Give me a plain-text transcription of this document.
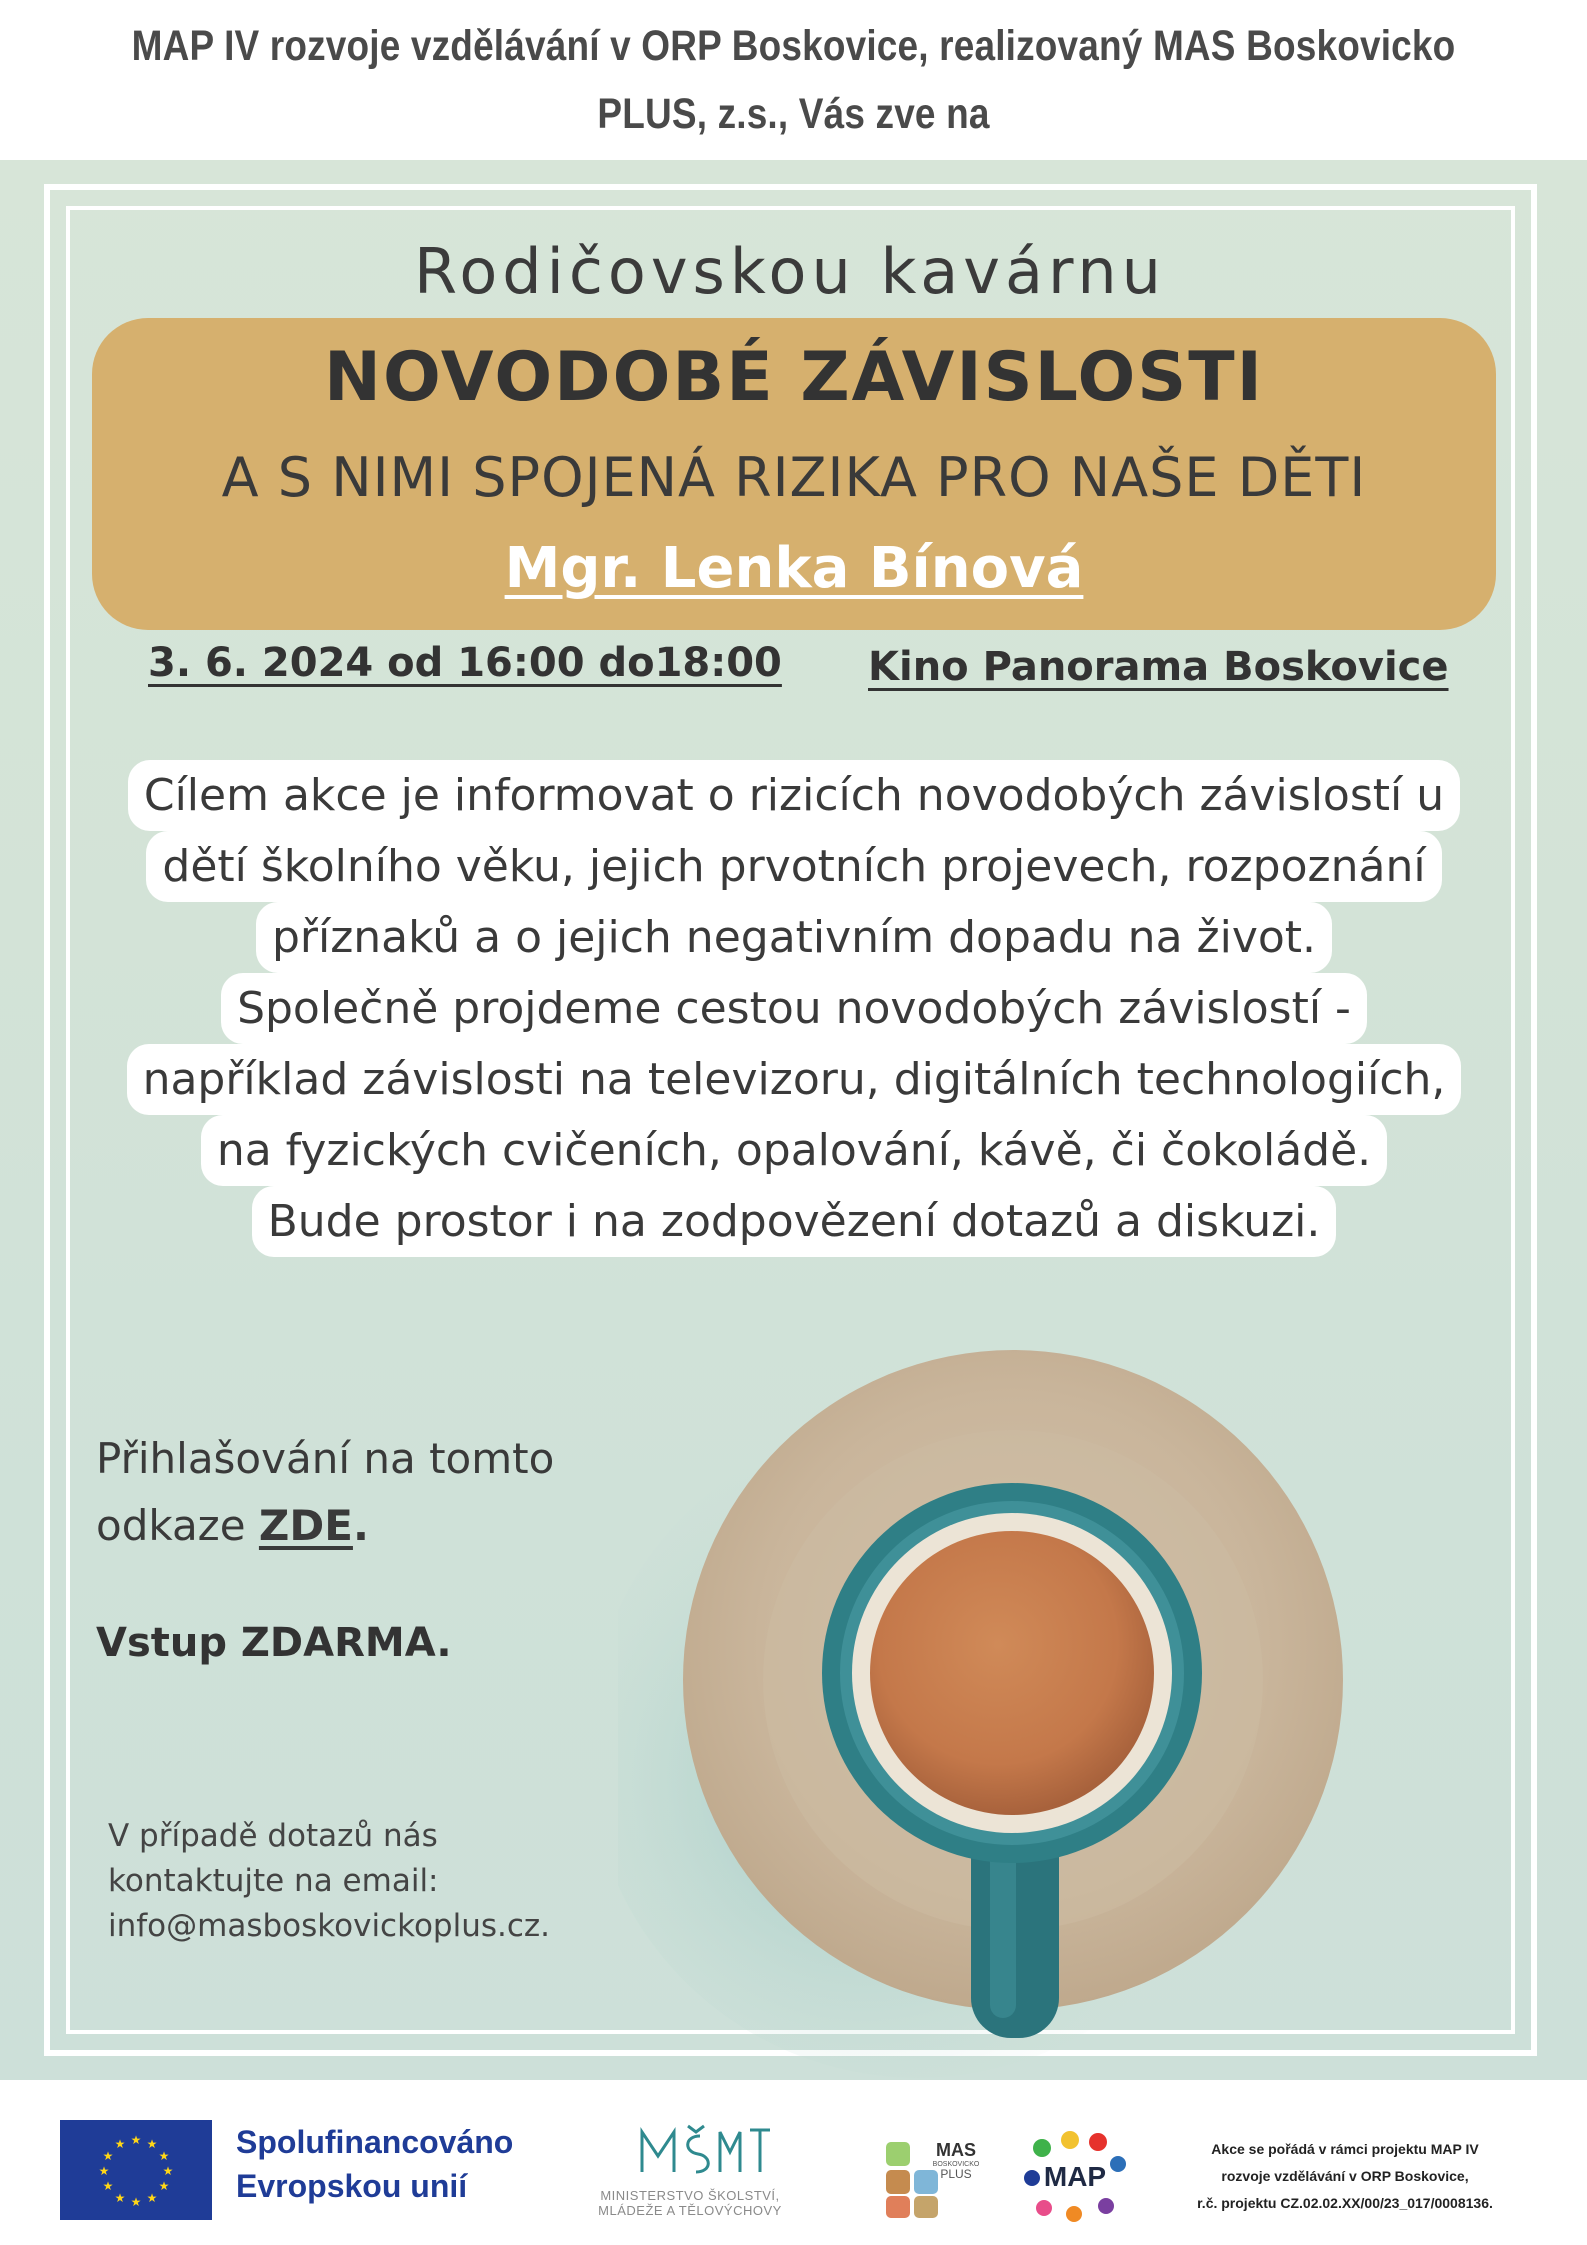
MAP IV rozvoje vzdělávání v ORP Boskovice, realizovaný MAS Boskovicko
PLUS, z.s., Vás zve na
Rodičovskou kavárnu
NOVODOBÉ ZÁVISLOSTI
A S NIMI SPOJENÁ RIZIKA PRO NAŠE DĚTI
Mgr. Lenka Bínová
3. 6. 2024 od 16:00 do18:00 Kino Panorama Boskovice
Cílem akce je informovat o rizicích novodobých závislostí u
dětí školního věku, jejich prvotních projevech, rozpoznání
příznaků a o jejich negativním dopadu na život.
Společně projdeme cestou novodobých závislostí -
například závislosti na televizoru, digitálních technologiích,
na fyzických cvičeních, opalování, kávě, či čokoládě.
Bude prostor i na zodpovězení dotazů a diskuzi.
Přihlašování na tomto
odkaze ZDE.
Vstup ZDARMA.
V případě dotazů nás
kontaktujte na email:
info@masboskovickoplus.cz.
★ ★
★
★
★
★
★
★
★
★
★
★	Spolufinancováno
Evropskou unií	MINISTERSTVO ŠKOLSTVÍ,
MLÁDEŽE A TĚLOVÝCHOVY
MAS
BOSKOVICKO
PLUS	MAP
Akce se pořádá v rámci projektu MAP IV
rozvoje vzdělávání v ORP Boskovice,
r.č. projektu CZ.02.02.XX/00/23_017/0008136.
